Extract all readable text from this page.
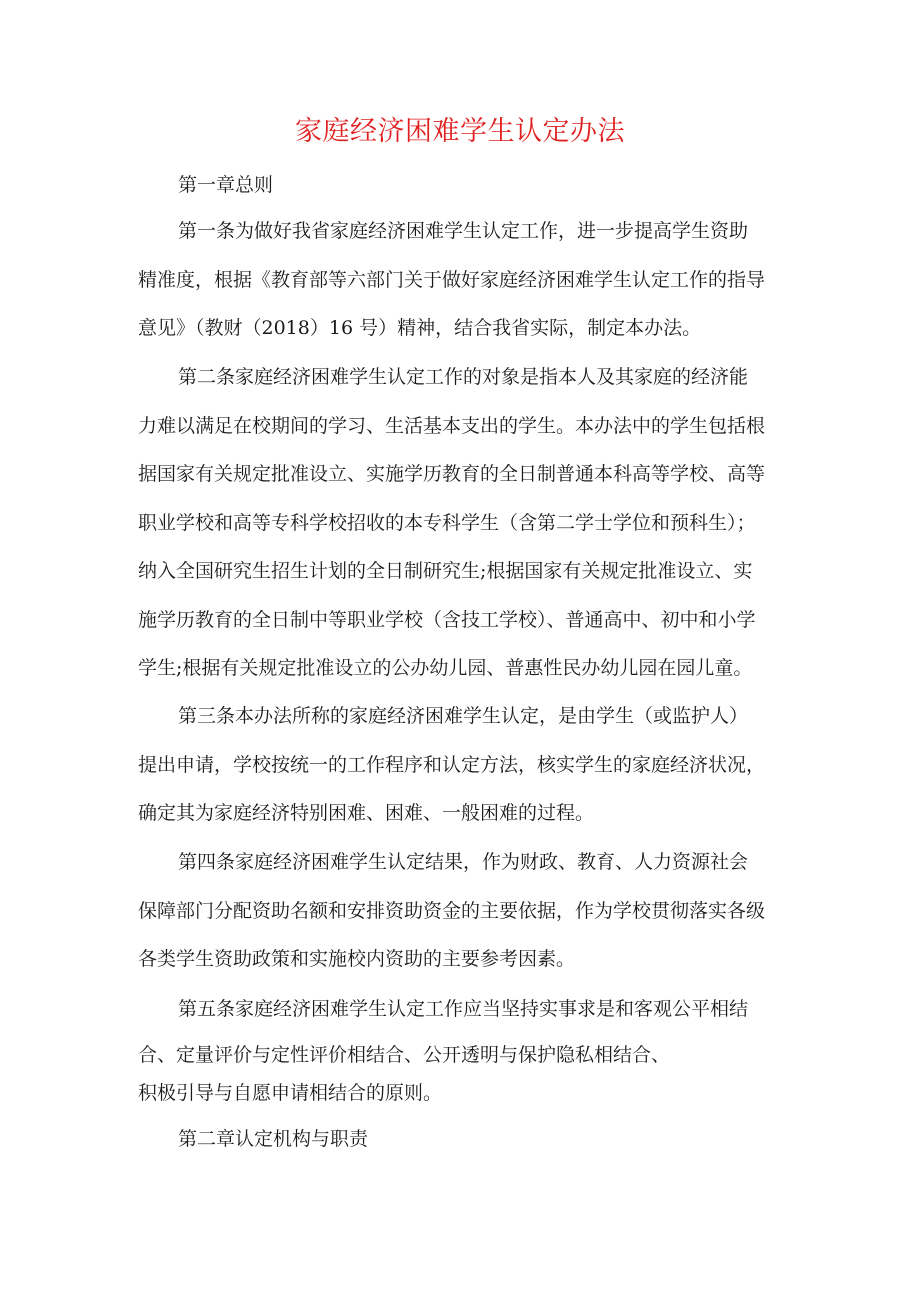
家庭经济困难学生认定办法

第一章总则

第一条为做好我省家庭经济困难学生认定工作，进一步提高学生资助
精准度，根据《教育部等六部门关于做好家庭经济困难学生认定工作的指导
意见》（教财（2018）16 号）精神，结合我省实际，制定本办法。
第二条家庭经济困难学生认定工作的对象是指本人及其家庭的经济能
力难以满足在校期间的学习、生活基本支出的学生。本办法中的学生包括根
据国家有关规定批准设立、实施学历教育的全日制普通本科高等学校、高等
职业学校和高等专科学校招收的本专科学生（含第二学士学位和预科生）；
纳入全国研究生招生计划的全日制研究生;根据国家有关规定批准设立、实
施学历教育的全日制中等职业学校（含技工学校）、普通高中、初中和小学
学生;根据有关规定批准设立的公办幼儿园、普惠性民办幼儿园在园儿童。
第三条本办法所称的家庭经济困难学生认定，是由学生（或监护人）
提出申请，学校按统一的工作程序和认定方法，核实学生的家庭经济状况，
确定其为家庭经济特别困难、困难、一般困难的过程。
第四条家庭经济困难学生认定结果，作为财政、教育、人力资源社会
保障部门分配资助名额和安排资助资金的主要依据，作为学校贯彻落实各级
各类学生资助政策和实施校内资助的主要参考因素。
第五条家庭经济困难学生认定工作应当坚持实事求是和客观公平相结
合、定量评价与定性评价相结合、公开透明与保护隐私相结合、
积极引导与自愿申请相结合的原则。

第二章认定机构与职责
